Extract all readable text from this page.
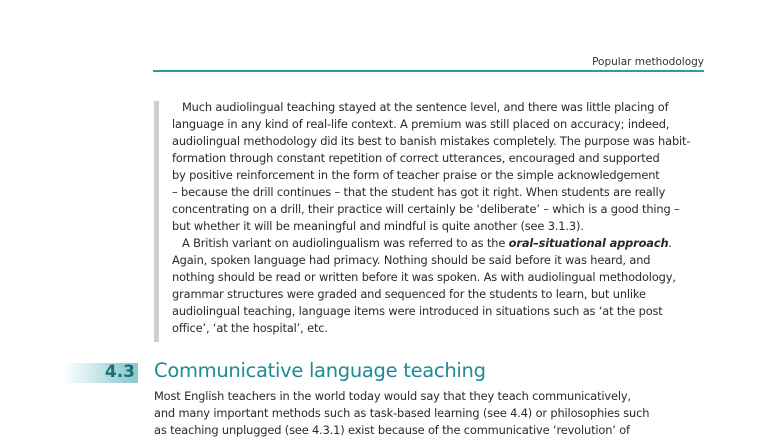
Popular methodology
Much audiolingual teaching stayed at the sentence level, and there was little placing of
language in any kind of real-life context. A premium was still placed on accuracy; indeed,
audiolingual methodology did its best to banish mistakes completely. The purpose was habit-
formation through constant repetition of correct utterances, encouraged and supported
by positive reinforcement in the form of teacher praise or the simple acknowledgement
– because the drill continues – that the student has got it right. When students are really
concentrating on a drill, their practice will certainly be ‘deliberate’ – which is a good thing –
but whether it will be meaningful and mindful is quite another (see 3.1.3).
A British variant on audiolingualism was referred to as the oral–situational approach.
Again, spoken language had primacy. Nothing should be said before it was heard, and
nothing should be read or written before it was spoken. As with audiolingual methodology,
grammar structures were graded and sequenced for the students to learn, but unlike
audiolingual teaching, language items were introduced in situations such as ‘at the post
office’, ‘at the hospital’, etc.
4.3 Communicative language teaching
Most English teachers in the world today would say that they teach communicatively,
and many important methods such as task-based learning (see 4.4) or philosophies such
as teaching unplugged (see 4.3.1) exist because of the communicative ‘revolution’ of
